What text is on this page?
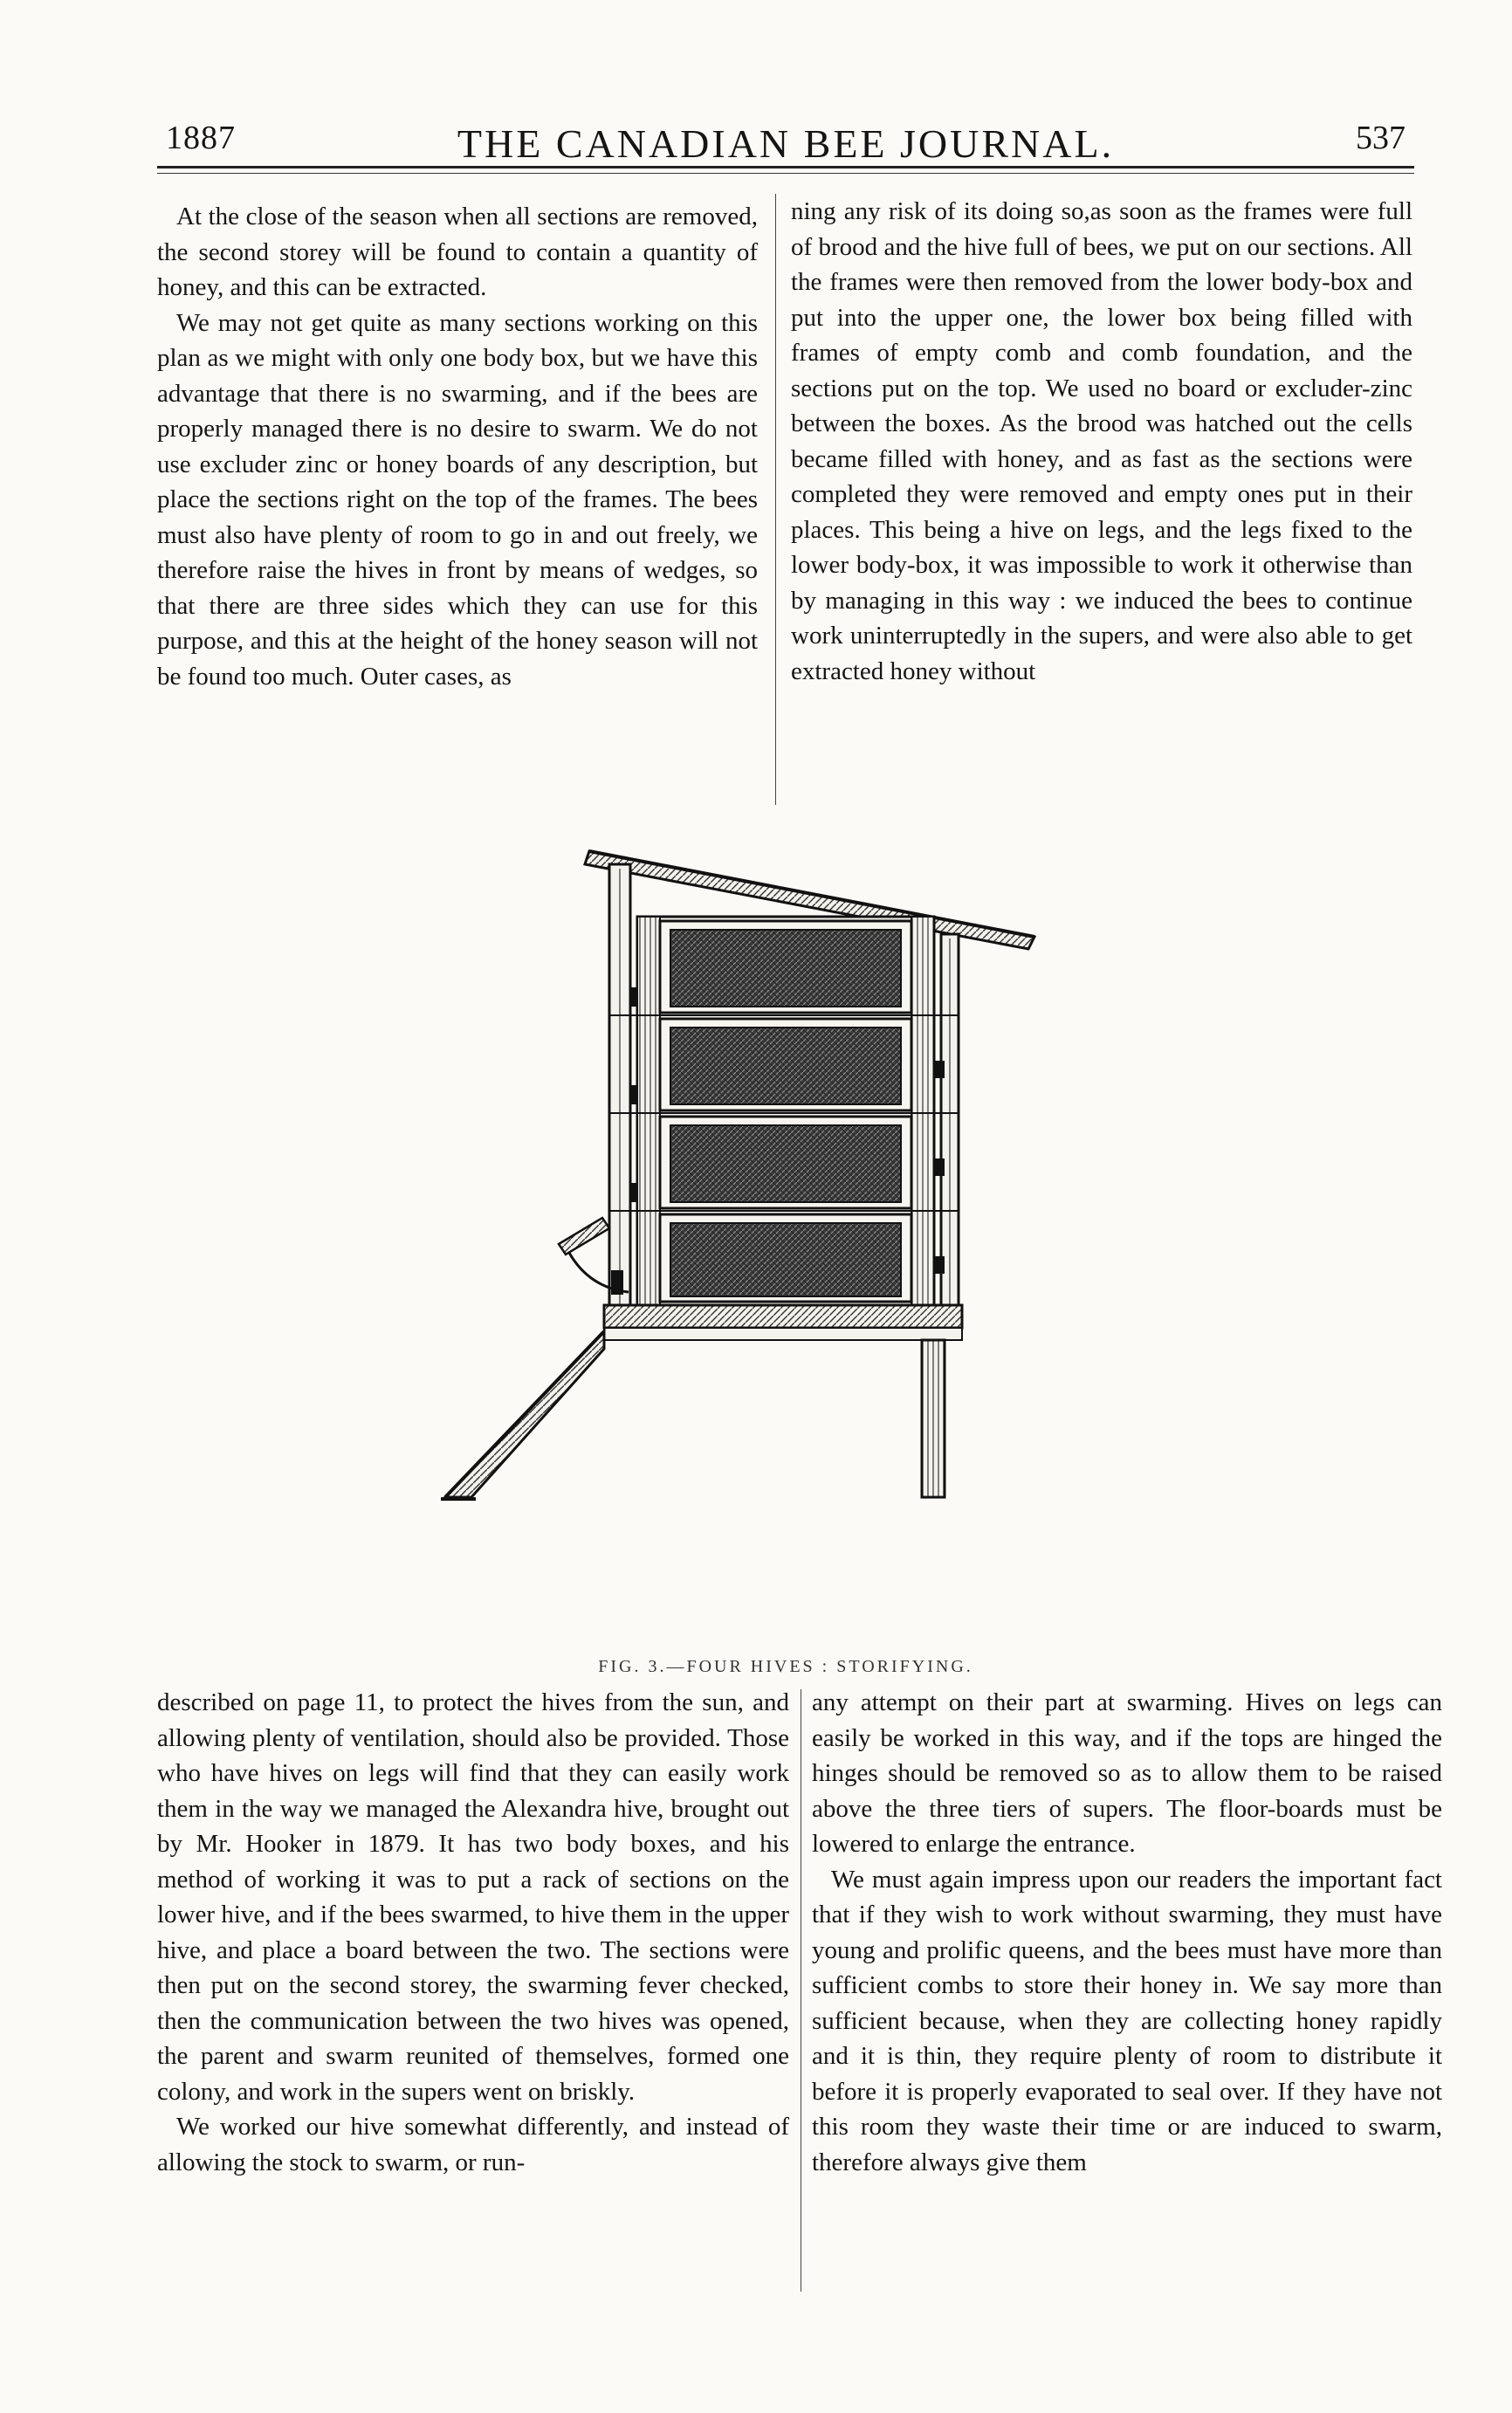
1887	THE CANADIAN BEE JOURNAL.	537

At the close of the season when all sections are removed, the second storey will be found to contain a quantity of honey, and this can be extracted.

We may not get quite as many sections working on this plan as we might with only one body box, but we have this advantage that there is no swarming, and if the bees are properly managed there is no desire to swarm. We do not use excluder zinc or honey boards of any description, but place the sections right on the top of the frames. The bees must also have plenty of room to go in and out freely, we therefore raise the hives in front by means of wedges, so that there are three sides which they can use for this purpose, and this at the height of the honey season will not be found too much. Outer cases, as

ning any risk of its doing so,as soon as the frames were full of brood and the hive full of bees, we put on our sections. All the frames were then removed from the lower body-box and put into the upper one, the lower box being filled with frames of empty comb and comb foundation, and the sections put on the top. We used no board or excluder-zinc between the boxes. As the brood was hatched out the cells became filled with honey, and as fast as the sections were completed they were removed and empty ones put in their places. This being a hive on legs, and the legs fixed to the lower body-box, it was impossible to work it otherwise than by managing in this way : we induced the bees to continue work uninterruptedly in the supers, and were also able to get extracted honey without

FIG. 3.—FOUR HIVES : STORIFYING.

described on page 11, to protect the hives from the sun, and allowing plenty of ventilation, should also be provided. Those who have hives on legs will find that they can easily work them in the way we managed the Alexandra hive, brought out by Mr. Hooker in 1879. It has two body boxes, and his method of working it was to put a rack of sections on the lower hive, and if the bees swarmed, to hive them in the upper hive, and place a board between the two. The sections were then put on the second storey, the swarming fever checked, then the communication between the two hives was opened, the parent and swarm reunited of themselves, formed one colony, and work in the supers went on briskly.

We worked our hive somewhat differently, and instead of allowing the stock to swarm, or run-

any attempt on their part at swarming. Hives on legs can easily be worked in this way, and if the tops are hinged the hinges should be removed so as to allow them to be raised above the three tiers of supers. The floor-boards must be lowered to enlarge the entrance.

We must again impress upon our readers the important fact that if they wish to work without swarming, they must have young and prolific queens, and the bees must have more than sufficient combs to store their honey in. We say more than sufficient because, when they are collecting honey rapidly and it is thin, they require plenty of room to distribute it before it is properly evaporated to seal over. If they have not this room they waste their time or are induced to swarm, therefore always give them
